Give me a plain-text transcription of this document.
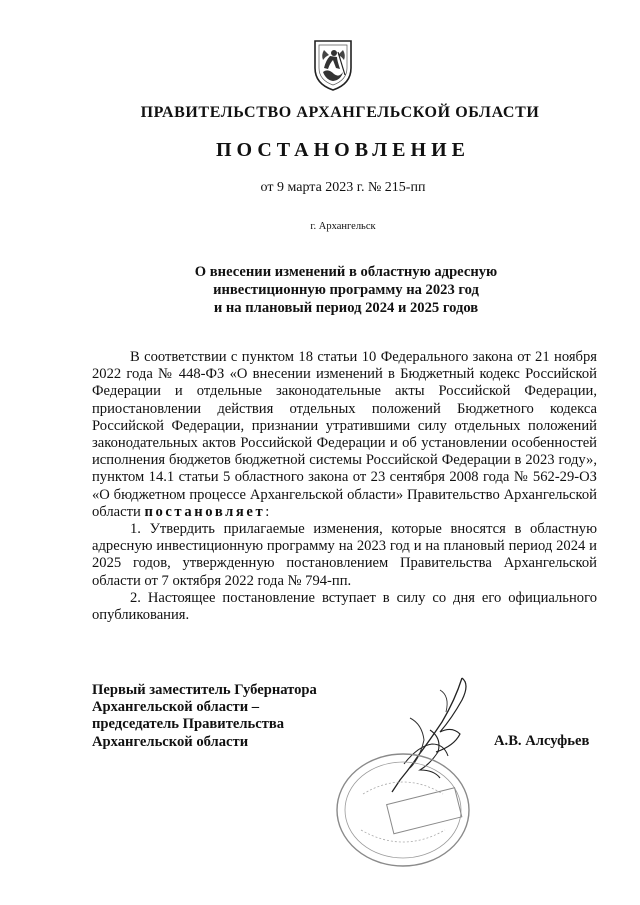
ПРАВИТЕЛЬСТВО АРХАНГЕЛЬСКОЙ ОБЛАСТИ
ПОСТАНОВЛЕНИЕ
от 9 марта 2023 г. № 215-пп
г. Архангельск
О внесении изменений в областную адресную
инвестиционную программу на 2023 год
и на плановый период 2024 и 2025 годов

В соответствии с пунктом 18 статьи 10 Федерального закона от 21 ноября 2022 года № 448-ФЗ «О внесении изменений в Бюджетный кодекс Российской Федерации и отдельные законодательные акты Российской Федерации, приостановлении действия отдельных положений Бюджетного кодекса Российской Федерации, признании утратившими силу отдельных положений законодательных актов Российской Федерации и об установлении особенностей исполнения бюджетов бюджетной системы Российской Федерации в 2023 году», пунктом 14.1 статьи 5 областного закона от 23 сентября 2008 года № 562-29-ОЗ «О бюджетном процессе Архангельской области» Правительство Архангельской области постановляет:

1. Утвердить прилагаемые изменения, которые вносятся в областную адресную инвестиционную программу на 2023 год и на плановый период 2024 и 2025 годов, утвержденную постановлением Правительства Архангельской области от 7 октября 2022 года № 794-пп.

2. Настоящее постановление вступает в силу со дня его официального опубликования.

Первый заместитель Губернатора
Архангельской области –
председатель Правительства
Архангельской области	А.В. Алсуфьев
